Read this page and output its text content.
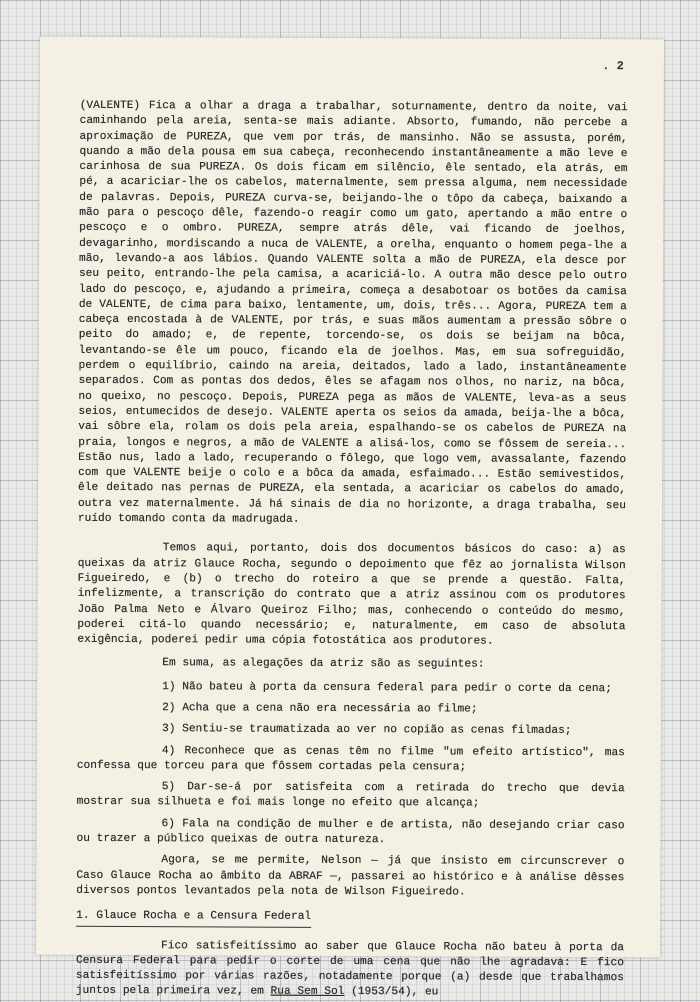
. 2

(VALENTE) Fica a olhar a draga a trabalhar, soturnamente, dentro da noite, vai caminhando pela areia, senta-se mais adiante. Absorto, fumando, não percebe a aproximação de PUREZA, que vem por trás, de mansinho. Não se assusta, porém, quando a mão dela pousa em sua cabeça, reconhecendo instantâneamente a mão leve e carinhosa de sua PUREZA. Os dois ficam em silêncio, êle sentado, ela atrás, em pé, a acariciar-lhe os cabelos, maternalmente, sem pressa alguma, nem necessidade de palavras. Depois, PUREZA curva-se, beijando-lhe o tôpo da cabeça, baixando a mão para o pescoço dêle, fazendo-o reagir como um gato, apertando a mão entre o pescoço e o ombro. PUREZA, sempre atrás dêle, vai ficando de joelhos, devagarinho, mordiscando a nuca de VALENTE, a orelha, enquanto o homem pega-lhe a mão, levando-a aos lábios. Quando VALENTE solta a mão de PUREZA, ela desce por seu peito, entrando-lhe pela camisa, a acariciá-lo. A outra mão desce pelo outro lado do pescoço, e, ajudando a primeira, começa a desabotoar os botões da camisa de VALENTE, de cima para baixo, lentamente, um, dois, três... Agora, PUREZA tem a cabeça encostada à de VALENTE, por trás, e suas mãos aumentam a pressão sôbre o peito do amado; e, de repente, torcendo-se, os dois se beijam na bôca, levantando-se êle um pouco, ficando ela de joelhos. Mas, em sua sofreguidão, perdem o equilíbrio, caindo na areia, deitados, lado a lado, instantâneamente separados. Com as pontas dos dedos, êles se afagam nos olhos, no nariz, na bôca, no queixo, no pescoço. Depois, PUREZA pega as mãos de VALENTE, leva-as a seus seios, entumecidos de desejo. VALENTE aperta os seios da amada, beija-lhe a bôca, vai sôbre ela, rolam os dois pela areia, espalhando-se os cabelos de PUREZA na praia, longos e negros, a mão de VALENTE a alisá-los, como se fôssem de sereia... Estão nus, lado a lado, recuperando o fôlego, que logo vem, avassalante, fazendo com que VALENTE beije o colo e a bôca da amada, esfaimado... Estão semivestidos, êle deitado nas pernas de PUREZA, ela sentada, a acariciar os cabelos do amado, outra vez maternalmente. Já há sinais de dia no horizonte, a draga trabalha, seu ruído tomando conta da madrugada.

Temos aqui, portanto, dois dos documentos básicos do caso: a) as queixas da atriz Glauce Rocha, segundo o depoimento que fêz ao jornalista Wilson Figueiredo, e (b) o trecho do roteiro a que se prende a questão. Falta, infelizmente, a transcrição do contrato que a atriz assinou com os produtores João Palma Neto e Álvaro Queiroz Filho; mas, conhecendo o conteúdo do mesmo, poderei citá-lo quando necessário; e, naturalmente, em caso de absoluta exigência, poderei pedir uma cópia fotostática aos produtores.

Em suma, as alegações da atriz são as seguintes:

1) Não bateu à porta da censura federal para pedir o corte da cena;
2) Acha que a cena não era necessária ao filme;
3) Sentiu-se traumatizada ao ver no copião as cenas filmadas;
4) Reconhece que as cenas têm no filme "um efeito artístico", mas confessa que torceu para que fôssem cortadas pela censura;
5) Dar-se-á por satisfeita com a retirada do trecho que devia mostrar sua silhueta e foi mais longe no efeito que alcança;
6) Fala na condição de mulher e de artista, não desejando criar caso ou trazer a público queixas de outra natureza.

Agora, se me permite, Nelson — já que insisto em circunscrever o Caso Glauce Rocha ao âmbito da ABRAF —, passarei ao histórico e à análise dêsses diversos pontos levantados pela nota de Wilson Figueiredo.

1. Glauce Rocha e a Censura Federal

Fico satisfeitíssimo ao saber que Glauce Rocha não bateu à porta da Censura Federal para pedir o corte de uma cena que não lhe agradava: E fico satisfeitíssimo por várias razões, notadamente porque (a) desde que trabalhamos juntos pela primeira vez, em Rua Sem Sol (1953/54), eu
